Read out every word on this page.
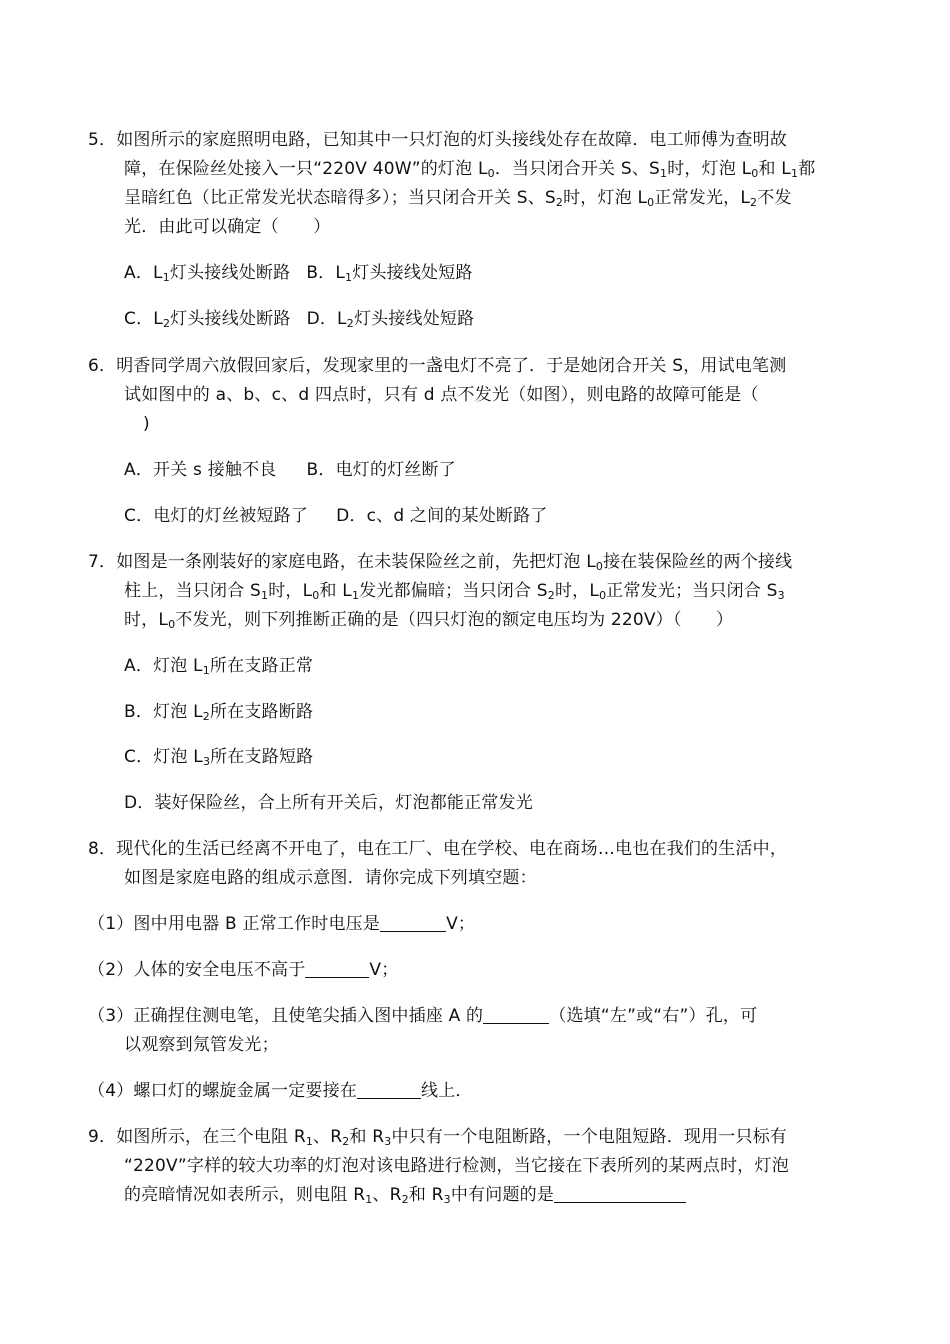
5．如图所示的家庭照明电路，已知其中一只灯泡的灯头接线处存在故障．电工师傅为查明故
障，在保险丝处接入一只“220V 40W”的灯泡 $L_0$．当只闭合开关 S、$S_1$时，灯泡 $L_0$和 $L_1$都
呈暗红色（比正常发光状态暗得多）；当只闭合开关 S、$S_2$时，灯泡 $L_0$正常发光，$L_2$不发
光．由此可以确定（　　）
A．$L_1$灯头接线处断路 B．$L_1$灯头接线处短路
C．$L_2$灯头接线处断路 D．$L_2$灯头接线处短路
6．明香同学周六放假回家后，发现家里的一盏电灯不亮了．于是她闭合开关 S，用试电笔测
试如图中的 a、b、c、d 四点时，只有 d 点不发光（如图），则电路的故障可能是（
)
A．开关 s 接触不良 B．电灯的灯丝断了
C．电灯的灯丝被短路了 D．c、d 之间的某处断路了
7．如图是一条刚装好的家庭电路，在未装保险丝之前，先把灯泡 $L_0$接在装保险丝的两个接线
柱上，当只闭合 $S_1$时，$L_0$和 $L_1$发光都偏暗；当只闭合 $S_2$时，$L_0$正常发光；当只闭合 $S_3$
时，$L_0$不发光，则下列推断正确的是（四只灯泡的额定电压均为 220V）（　　）
A．灯泡 $L_1$所在支路正常
B．灯泡 $L_2$所在支路断路
C．灯泡 $L_3$所在支路短路
D．装好保险丝，合上所有开关后，灯泡都能正常发光
8．现代化的生活已经离不开电了，电在工厂、电在学校、电在商场…电也在我们的生活中，
如图是家庭电路的组成示意图．请你完成下列填空题：
（1）图中用电器 B 正常工作时电压是	V；
（2）人体的安全电压不高于	V；
（3）正确捏住测电笔，且使笔尖插入图中插座 A 的	（选填“左”或“右”）孔，可
以观察到氖管发光；
（4）螺口灯的螺旋金属一定要接在	线上．
9．如图所示，在三个电阻 $R_1$、$R_2$和 $R_3$中只有一个电阻断路，一个电阻短路．现用一只标有
“220V”字样的较大功率的灯泡对该电路进行检测，当它接在下表所列的某两点时，灯泡
的亮暗情况如表所示，则电阻 $R_1$、$R_2$和 $R_3$中有问题的是
